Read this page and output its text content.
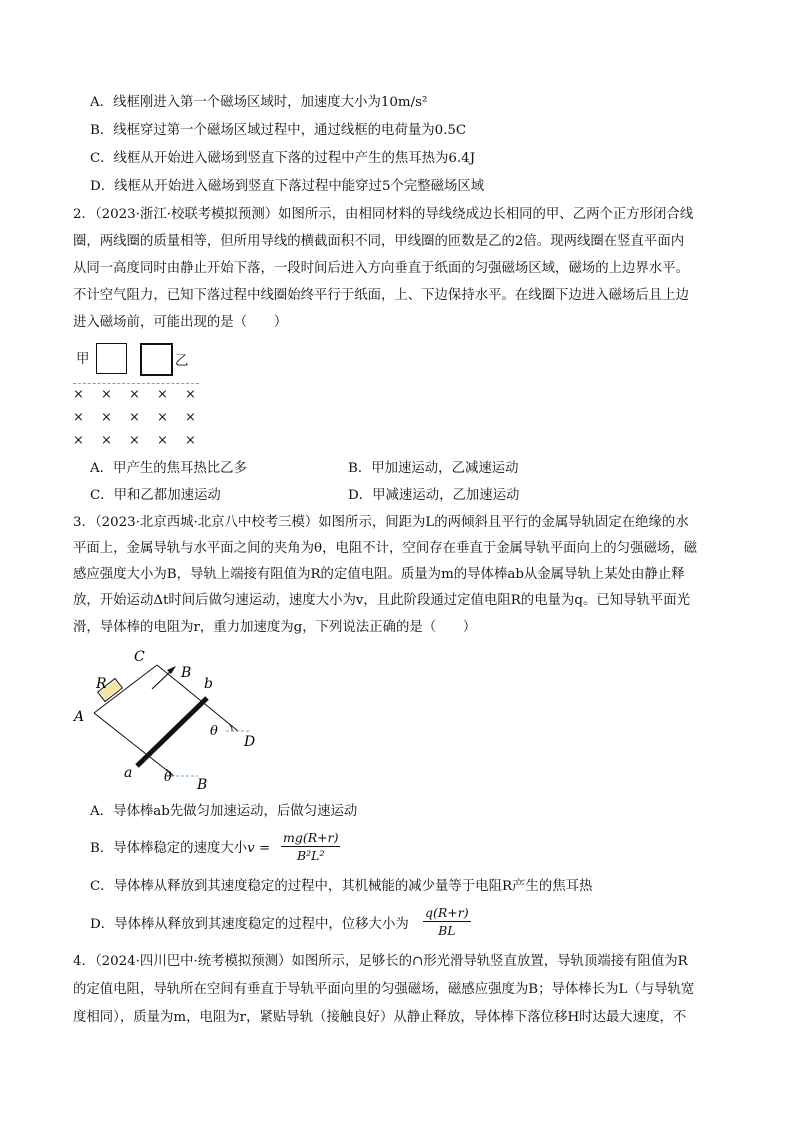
A．线框刚进入第一个磁场区域时，加速度大小为10m/s²
B．线框穿过第一个磁场区域过程中，通过线框的电荷量为0.5C
C．线框从开始进入磁场到竖直下落的过程中产生的焦耳热为6.4J
D．线框从开始进入磁场到竖直下落过程中能穿过5个完整磁场区域
2．（2023·浙江·校联考模拟预测）如图所示，由相同材料的导线绕成边长相同的甲、乙两个正方形闭合线
圈，两线圈的质量相等，但所用导线的横截面积不同，甲线圈的匝数是乙的2倍。现两线圈在竖直平面内
从同一高度同时由静止开始下落，一段时间后进入方向垂直于纸面的匀强磁场区域，磁场的上边界水平。
不计空气阻力，已知下落过程中线圈始终平行于纸面，上、下边保持水平。在线圈下边进入磁场后且上边
进入磁场前，可能出现的是（　　）
甲	乙
× × × × ×
× × × × ×
× × × × ×
A．甲产生的焦耳热比乙多	B．甲加速运动，乙减速运动
C．甲和乙都加速运动	D．甲减速运动，乙加速运动
3．（2023·北京西城·北京八中校考三模）如图所示，间距为L的两倾斜且平行的金属导轨固定在绝缘的水
平面上，金属导轨与水平面之间的夹角为θ，电阻不计，空间存在垂直于金属导轨平面向上的匀强磁场，磁
感应强度大小为B，导轨上端接有阻值为R的定值电阻。质量为m的导体棒ab从金属导轨上某处由静止释
放，开始运动Δt时间后做匀速运动，速度大小为v，且此阶段通过定值电阻R的电量为q。已知导轨平面光
滑，导体棒的电阻为r，重力加速度为g，下列说法正确的是（　　）
A
C
R
B
b
θ
D
a θ B
A．导体棒ab先做匀加速运动，后做匀速运动
B．导体棒稳定的速度大小$v = \frac{mg(R+r)}{\text{B²L²}}$
C．导体棒从释放到其速度稳定的过程中，其机械能的减少量等于电阻R产生的焦耳热
D．导体棒从释放到其速度稳定的过程中，位移大小为 $\frac{q(R+r)}{BL}$
4．（2024·四川巴中·统考模拟预测）如图所示，足够长的∩形光滑导轨竖直放置，导轨顶端接有阻值为R
的定值电阻，导轨所在空间有垂直于导轨平面向里的匀强磁场，磁感应强度为B；导体棒长为L（与导轨宽
度相同），质量为m，电阻为r，紧贴导轨（接触良好）从静止释放，导体棒下落位移H时达最大速度，不
